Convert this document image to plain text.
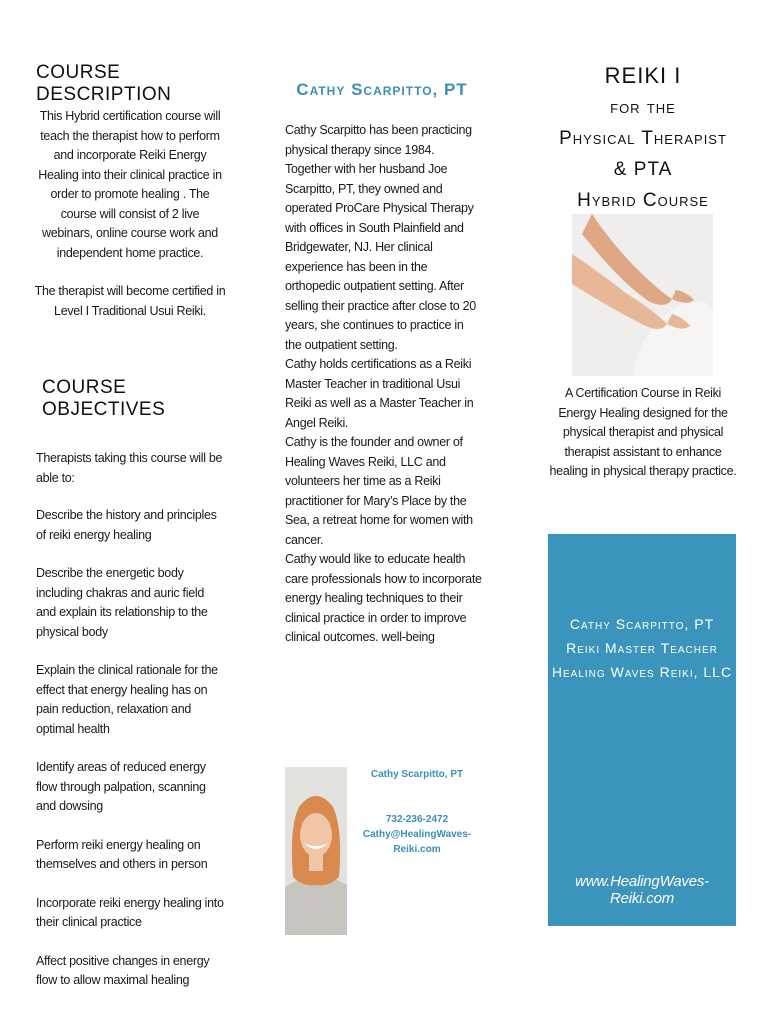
COURSE DESCRIPTION

This Hybrid certification course will teach the therapist how to perform and incorporate Reiki Energy Healing into their clinical practice in order to promote healing . The course will consist of 2 live webinars, online course work and independent home practice.

The therapist will become certified in Level I Traditional Usui Reiki.

COURSE OBJECTIVES
Therapists taking this course will be able to:
Describe the history and principles of reiki energy healing
Describe the energetic body including chakras and auric field and explain its relationship to the physical body
Explain the clinical rationale for the effect that energy healing has on pain reduction, relaxation and optimal health
Identify areas of reduced energy flow through palpation, scanning and dowsing
Perform reiki energy healing on themselves and others in person
Incorporate reiki energy healing into their clinical practice
Affect positive changes in energy flow to allow maximal healing
Cathy Scarpitto, PT

Cathy Scarpitto has been practicing physical therapy since 1984. Together with her husband Joe Scarpitto, PT, they owned and operated ProCare Physical Therapy with offices in South Plainfield and Bridgewater, NJ. Her clinical experience has been in the orthopedic outpatient setting. After selling their practice after close to 20 years, she continues to practice in the outpatient setting.

Cathy holds certifications as a Reiki Master Teacher in traditional Usui Reiki as well as a Master Teacher in Angel Reiki.

Cathy is the founder and owner of Healing Waves Reiki, LLC and volunteers her time as a Reiki practitioner for Mary’s Place by the Sea, a retreat home for women with cancer.

Cathy would like to educate health care professionals how to incorporate energy healing techniques to their clinical practice in order to improve clinical outcomes. well-being

Cathy Scarpitto, PT
732-236-2472
Cathy@HealingWaves-Reiki.com
REIKI I
for the
Physical Therapist
& PTA
Hybrid Course
A Certification Course in Reiki Energy Healing designed for the physical therapist and physical therapist assistant to enhance healing in physical therapy practice.
Cathy Scarpitto, PT
Reiki Master Teacher
Healing Waves Reiki, LLC
www.HealingWaves-Reiki.com
